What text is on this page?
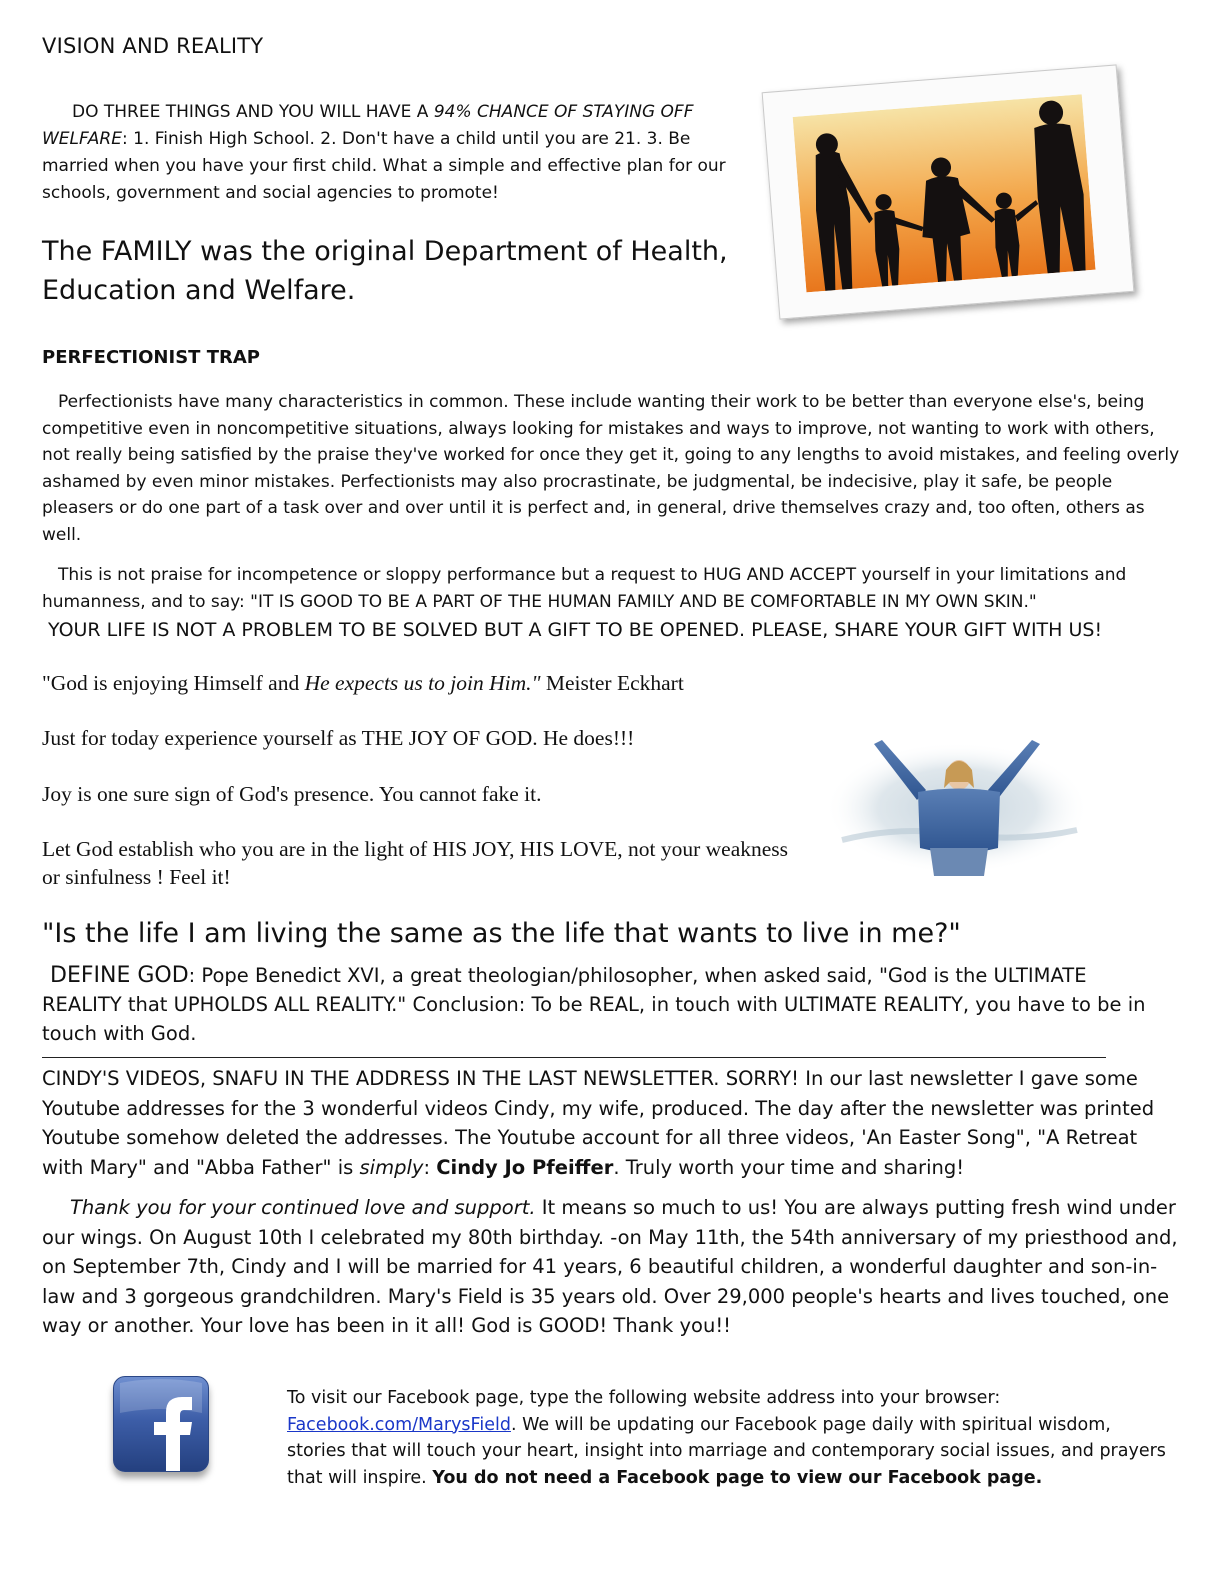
VISION AND REALITY
DO THREE THINGS AND YOU WILL HAVE A 94% CHANCE OF STAYING OFF WELFARE: 1. Finish High School. 2. Don't have a child until you are 21. 3. Be married when you have your first child. What a simple and effective plan for our schools, government and social agencies to promote!
The FAMILY was the original Department of Health, Education and Welfare.
PERFECTIONIST TRAP
Perfectionists have many characteristics in common. These include wanting their work to be better than everyone else's, being competitive even in noncompetitive situations, always looking for mistakes and ways to improve, not wanting to work with others, not really being satisfied by the praise they've worked for once they get it, going to any lengths to avoid mistakes, and feeling overly ashamed by even minor mistakes. Perfectionists may also procrastinate, be judgmental, be indecisive, play it safe, be people pleasers or do one part of a task over and over until it is perfect and, in general, drive themselves crazy and, too often, others as well.
This is not praise for incompetence or sloppy performance but a request to HUG AND ACCEPT yourself in your limitations and humanness, and to say: "IT IS GOOD TO BE A PART OF THE HUMAN FAMILY AND BE COMFORTABLE IN MY OWN SKIN."
YOUR LIFE IS NOT A PROBLEM TO BE SOLVED BUT A GIFT TO BE OPENED. PLEASE, SHARE YOUR GIFT WITH US!
"God is enjoying Himself and He expects us to join Him." Meister Eckhart
Just for today experience yourself as THE JOY OF GOD. He does!!!
Joy is one sure sign of God's presence. You cannot fake it.
Let God establish who you are in the light of HIS JOY, HIS LOVE, not your weakness or sinfulness ! Feel it!
"Is the life I am living the same as the life that wants to live in me?"
DEFINE GOD: Pope Benedict XVI, a great theologian/philosopher, when asked said, "God is the ULTIMATE REALITY that UPHOLDS ALL REALITY." Conclusion: To be REAL, in touch with ULTIMATE REALITY, you have to be in touch with God.
CINDY'S VIDEOS, SNAFU IN THE ADDRESS IN THE LAST NEWSLETTER. SORRY! In our last newsletter I gave some Youtube addresses for the 3 wonderful videos Cindy, my wife, produced. The day after the newsletter was printed Youtube somehow deleted the addresses. The Youtube account for all three videos, 'An Easter Song", "A Retreat with Mary" and "Abba Father" is simply: Cindy Jo Pfeiffer. Truly worth your time and sharing!
Thank you for your continued love and support. It means so much to us! You are always putting fresh wind under our wings. On August 10th I celebrated my 80th birthday. -on May 11th, the 54th anniversary of my priesthood and, on September 7th, Cindy and I will be married for 41 years, 6 beautiful children, a wonderful daughter and son-in-law and 3 gorgeous grandchildren. Mary's Field is 35 years old. Over 29,000 people's hearts and lives touched, one way or another. Your love has been in it all! God is GOOD! Thank you!!
To visit our Facebook page, type the following website address into your browser:
Facebook.com/MarysField. We will be updating our Facebook page daily with spiritual wisdom, stories that will touch your heart, insight into marriage and contemporary social issues, and prayers that will inspire. You do not need a Facebook page to view our Facebook page.
